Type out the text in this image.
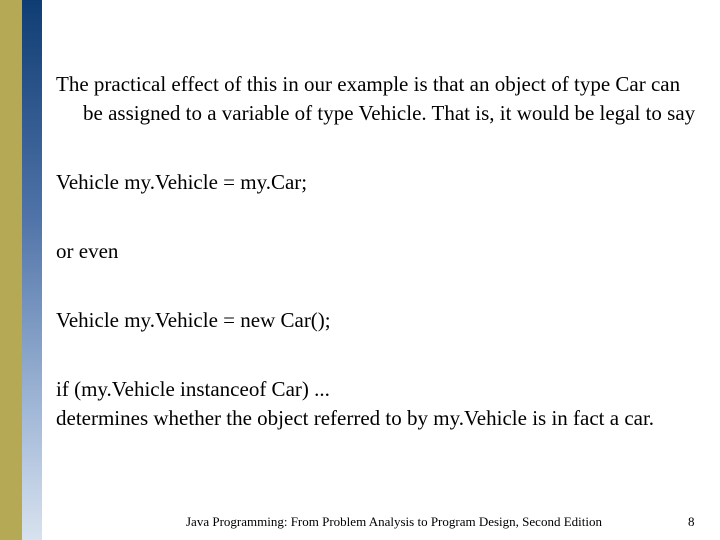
The practical effect of this in our example is that an object of type Car can be assigned to a variable of type Vehicle. That is, it would be legal to say

Vehicle my.Vehicle = my.Car;

or even

Vehicle my.Vehicle = new Car();

if (my.Vehicle instanceof Car) ...

determines whether the object referred to by my.Vehicle is in fact a car.

Java Programming: From Problem Analysis to Program Design, Second Edition	8
